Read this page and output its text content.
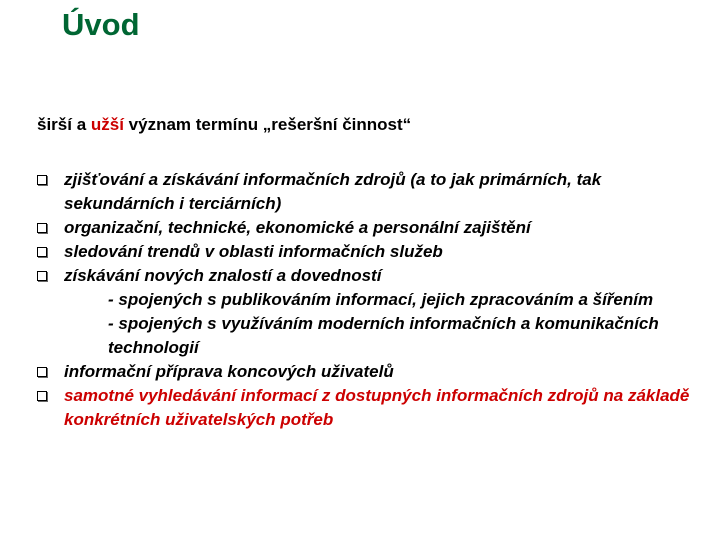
Úvod
širší a užší význam termínu „rešeršní činnost“
zjišťování a získávání informačních zdrojů (a to jak primárních, tak sekundárních i terciárních)
organizační, technické, ekonomické a personální zajištění
sledování trendů v oblasti informačních služeb
získávání nových znalostí a dovedností
- spojených s publikováním informací, jejich zpracováním a šířením
- spojených s využíváním moderních informačních a komunikačních technologií
informační příprava koncových uživatelů
samotné vyhledávání informací z dostupných informačních zdrojů na základě konkrétních uživatelských potřeb
